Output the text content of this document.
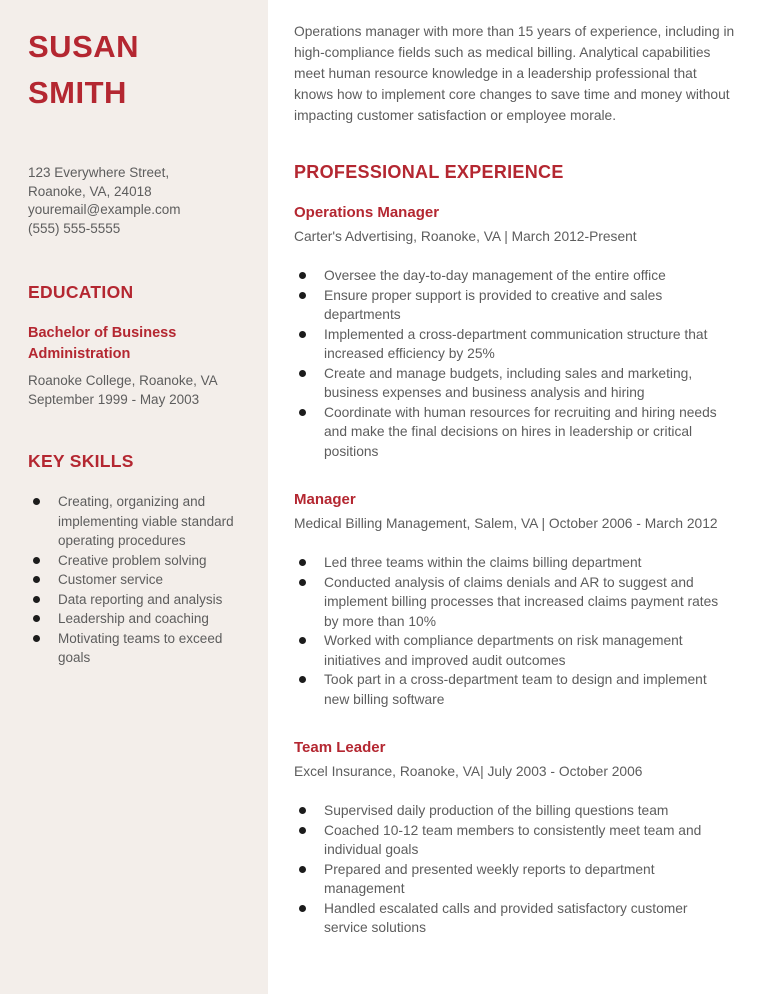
SUSAN
SMITH
123 Everywhere Street,
Roanoke, VA, 24018
youremail@example.com
(555) 555-5555
EDUCATION
Bachelor of Business Administration
Roanoke College, Roanoke, VA
September 1999 - May 2003
KEY SKILLS
Creating, organizing and implementing viable standard operating procedures
Creative problem solving
Customer service
Data reporting and analysis
Leadership and coaching
Motivating teams to exceed goals

Operations manager with more than 15 years of experience, including in high-compliance fields such as medical billing. Analytical capabilities meet human resource knowledge in a leadership professional that knows how to implement core changes to save time and money without impacting customer satisfaction or employee morale.

PROFESSIONAL EXPERIENCE
Operations Manager
Carter's Advertising, Roanoke, VA | March 2012-Present
Oversee the day-to-day management of the entire office
Ensure proper support is provided to creative and sales departments
Implemented a cross-department communication structure that increased efficiency by 25%
Create and manage budgets, including sales and marketing, business expenses and business analysis and hiring
Coordinate with human resources for recruiting and hiring needs and make the final decisions on hires in leadership or critical positions
Manager
Medical Billing Management, Salem, VA | October 2006 - March 2012
Led three teams within the claims billing department
Conducted analysis of claims denials and AR to suggest and implement billing processes that increased claims payment rates by more than 10%
Worked with compliance departments on risk management initiatives and improved audit outcomes
Took part in a cross-department team to design and implement new billing software
Team Leader
Excel Insurance, Roanoke, VA| July 2003 - October 2006
Supervised daily production of the billing questions team
Coached 10-12 team members to consistently meet team and individual goals
Prepared and presented weekly reports to department management
Handled escalated calls and provided satisfactory customer service solutions
